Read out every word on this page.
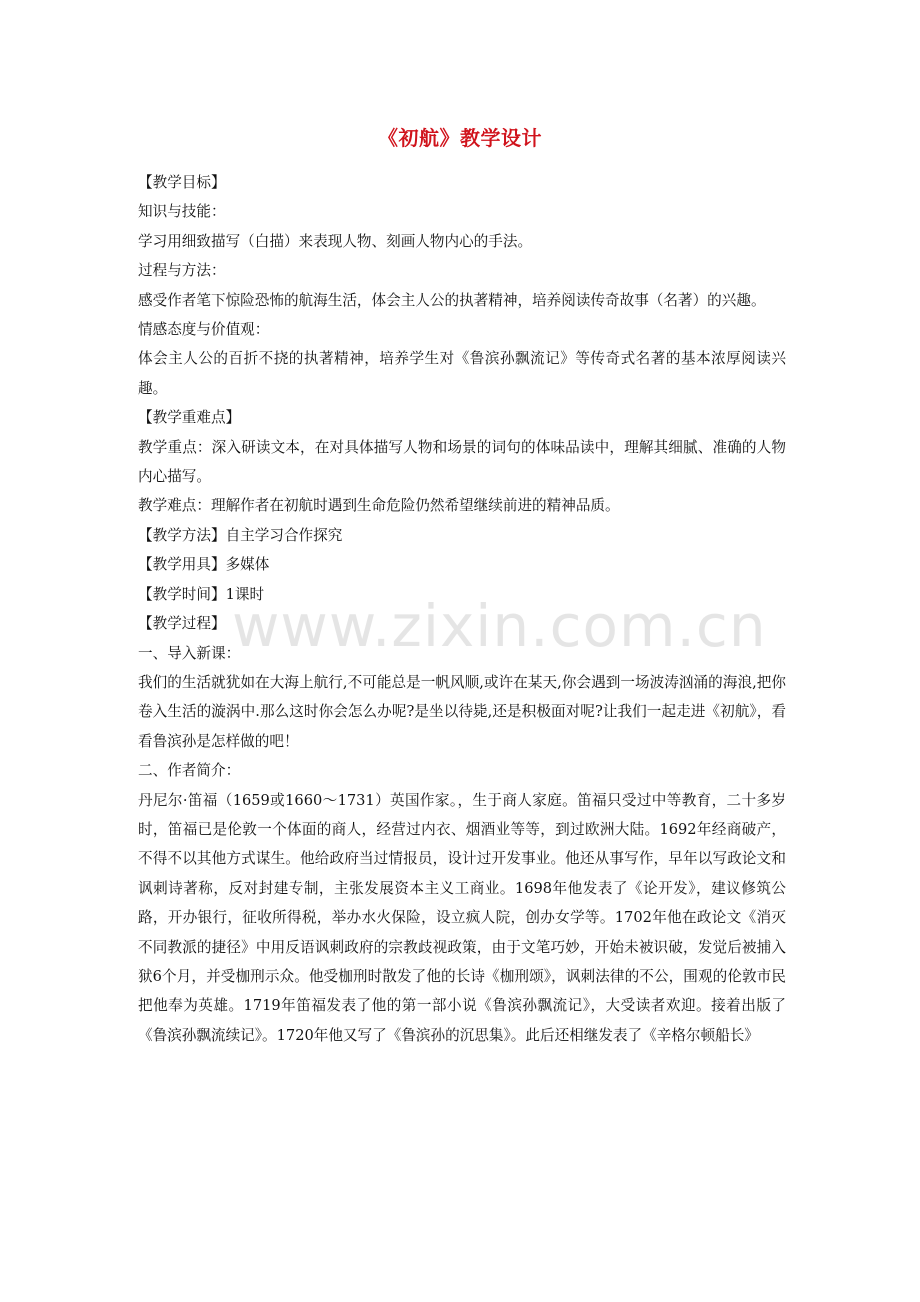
《初航》教学设计

【教学目标】

知识与技能：

学习用细致描写（白描）来表现人物、刻画人物内心的手法。

过程与方法：

感受作者笔下惊险恐怖的航海生活，体会主人公的执著精神，培养阅读传奇故事（名著）的兴趣。

情感态度与价值观：

体会主人公的百折不挠的执著精神，培养学生对《鲁滨孙飘流记》等传奇式名著的基本浓厚阅读兴趣。

【教学重难点】

教学重点：深入研读文本，在对具体描写人物和场景的词句的体味品读中，理解其细腻、准确的人物内心描写。

教学难点：理解作者在初航时遇到生命危险仍然希望继续前进的精神品质。

【教学方法】自主学习合作探究

【教学用具】多媒体

【教学时间】1课时

【教学过程】

一、导入新课：

我们的生活就犹如在大海上航行,不可能总是一帆风顺,或许在某天,你会遇到一场波涛汹涌的海浪,把你卷入生活的漩涡中.那么这时你会怎么办呢?是坐以待毙,还是积极面对呢?让我们一起走进《初航》，看看鲁滨孙是怎样做的吧！

二、作者简介：

丹尼尔·笛福（1659或1660～1731）英国作家。，生于商人家庭。笛福只受过中等教育，二十多岁时，笛福已是伦敦一个体面的商人，经营过内衣、烟酒业等等，到过欧洲大陆。1692年经商破产，不得不以其他方式谋生。他给政府当过情报员，设计过开发事业。他还从事写作，早年以写政论文和讽刺诗著称，反对封建专制，主张发展资本主义工商业。1698年他发表了《论开发》，建议修筑公路，开办银行，征收所得税，举办水火保险，设立疯人院，创办女学等。1702年他在政论文《消灭不同教派的捷径》中用反语讽刺政府的宗教歧视政策，由于文笔巧妙，开始未被识破，发觉后被捕入狱6个月，并受枷刑示众。他受枷刑时散发了他的长诗《枷刑颂》，讽刺法律的不公，围观的伦敦市民把他奉为英雄。1719年笛福发表了他的第一部小说《鲁滨孙飘流记》，大受读者欢迎。接着出版了《鲁滨孙飘流续记》。1720年他又写了《鲁滨孙的沉思集》。此后还相继发表了《辛格尔顿船长》

www.zixin.com.cn
